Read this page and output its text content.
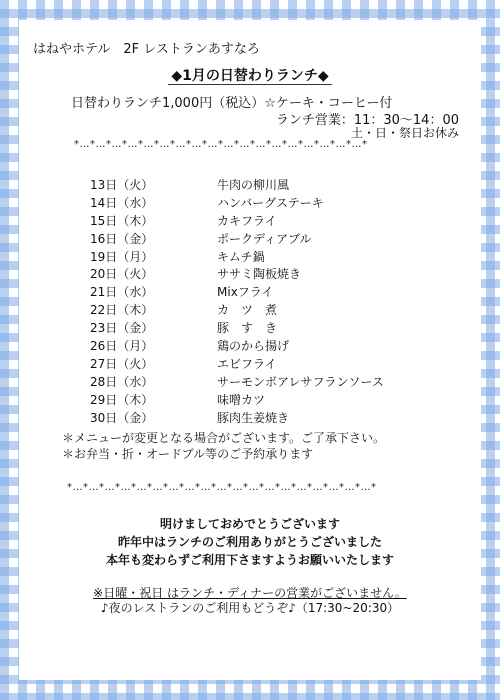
はねやホテル　2F レストランあすなろ
◆1月の日替わりランチ◆
日替わりランチ1,000円（税込）☆ケーキ・コーヒー付
ランチ営業：11：30～14：00
土・日・祭日お休み
*…*…*…*…*…*…*…*…*…*…*…*…*…*…*…*…*…*…*
13日（火）	牛肉の柳川風
14日（水）	ハンバーグステーキ
15日（木）	カキフライ
16日（金）	ポークディアブル
19日（月）	キムチ鍋
20日（火）	ササミ陶板焼き
21日（水）	Mixフライ
22日（木）	カ　ツ　煮
23日（金）	豚　す　き
26日（月）	鶏のから揚げ
27日（火）	エビフライ
28日（水）	サーモンボアレサフランソース
29日（木）	味噌カツ
30日（金）	豚肉生姜焼き
＊メニューが変更となる場合がございます。ご了承下さい。
＊お弁当・折・オードブル等のご予約承ります
*…*…*…*…*…*…*…*…*…*…*…*…*…*…*…*…*…*…*…*
明けましておめでとうございます
昨年中はランチのご利用ありがとうございました
本年も変わらずご利用下さますようお願いいたします
※日曜・祝日 はランチ・ディナーの営業がございません。
♪夜のレストランのご利用もどうぞ♪（17:30~20:30）
